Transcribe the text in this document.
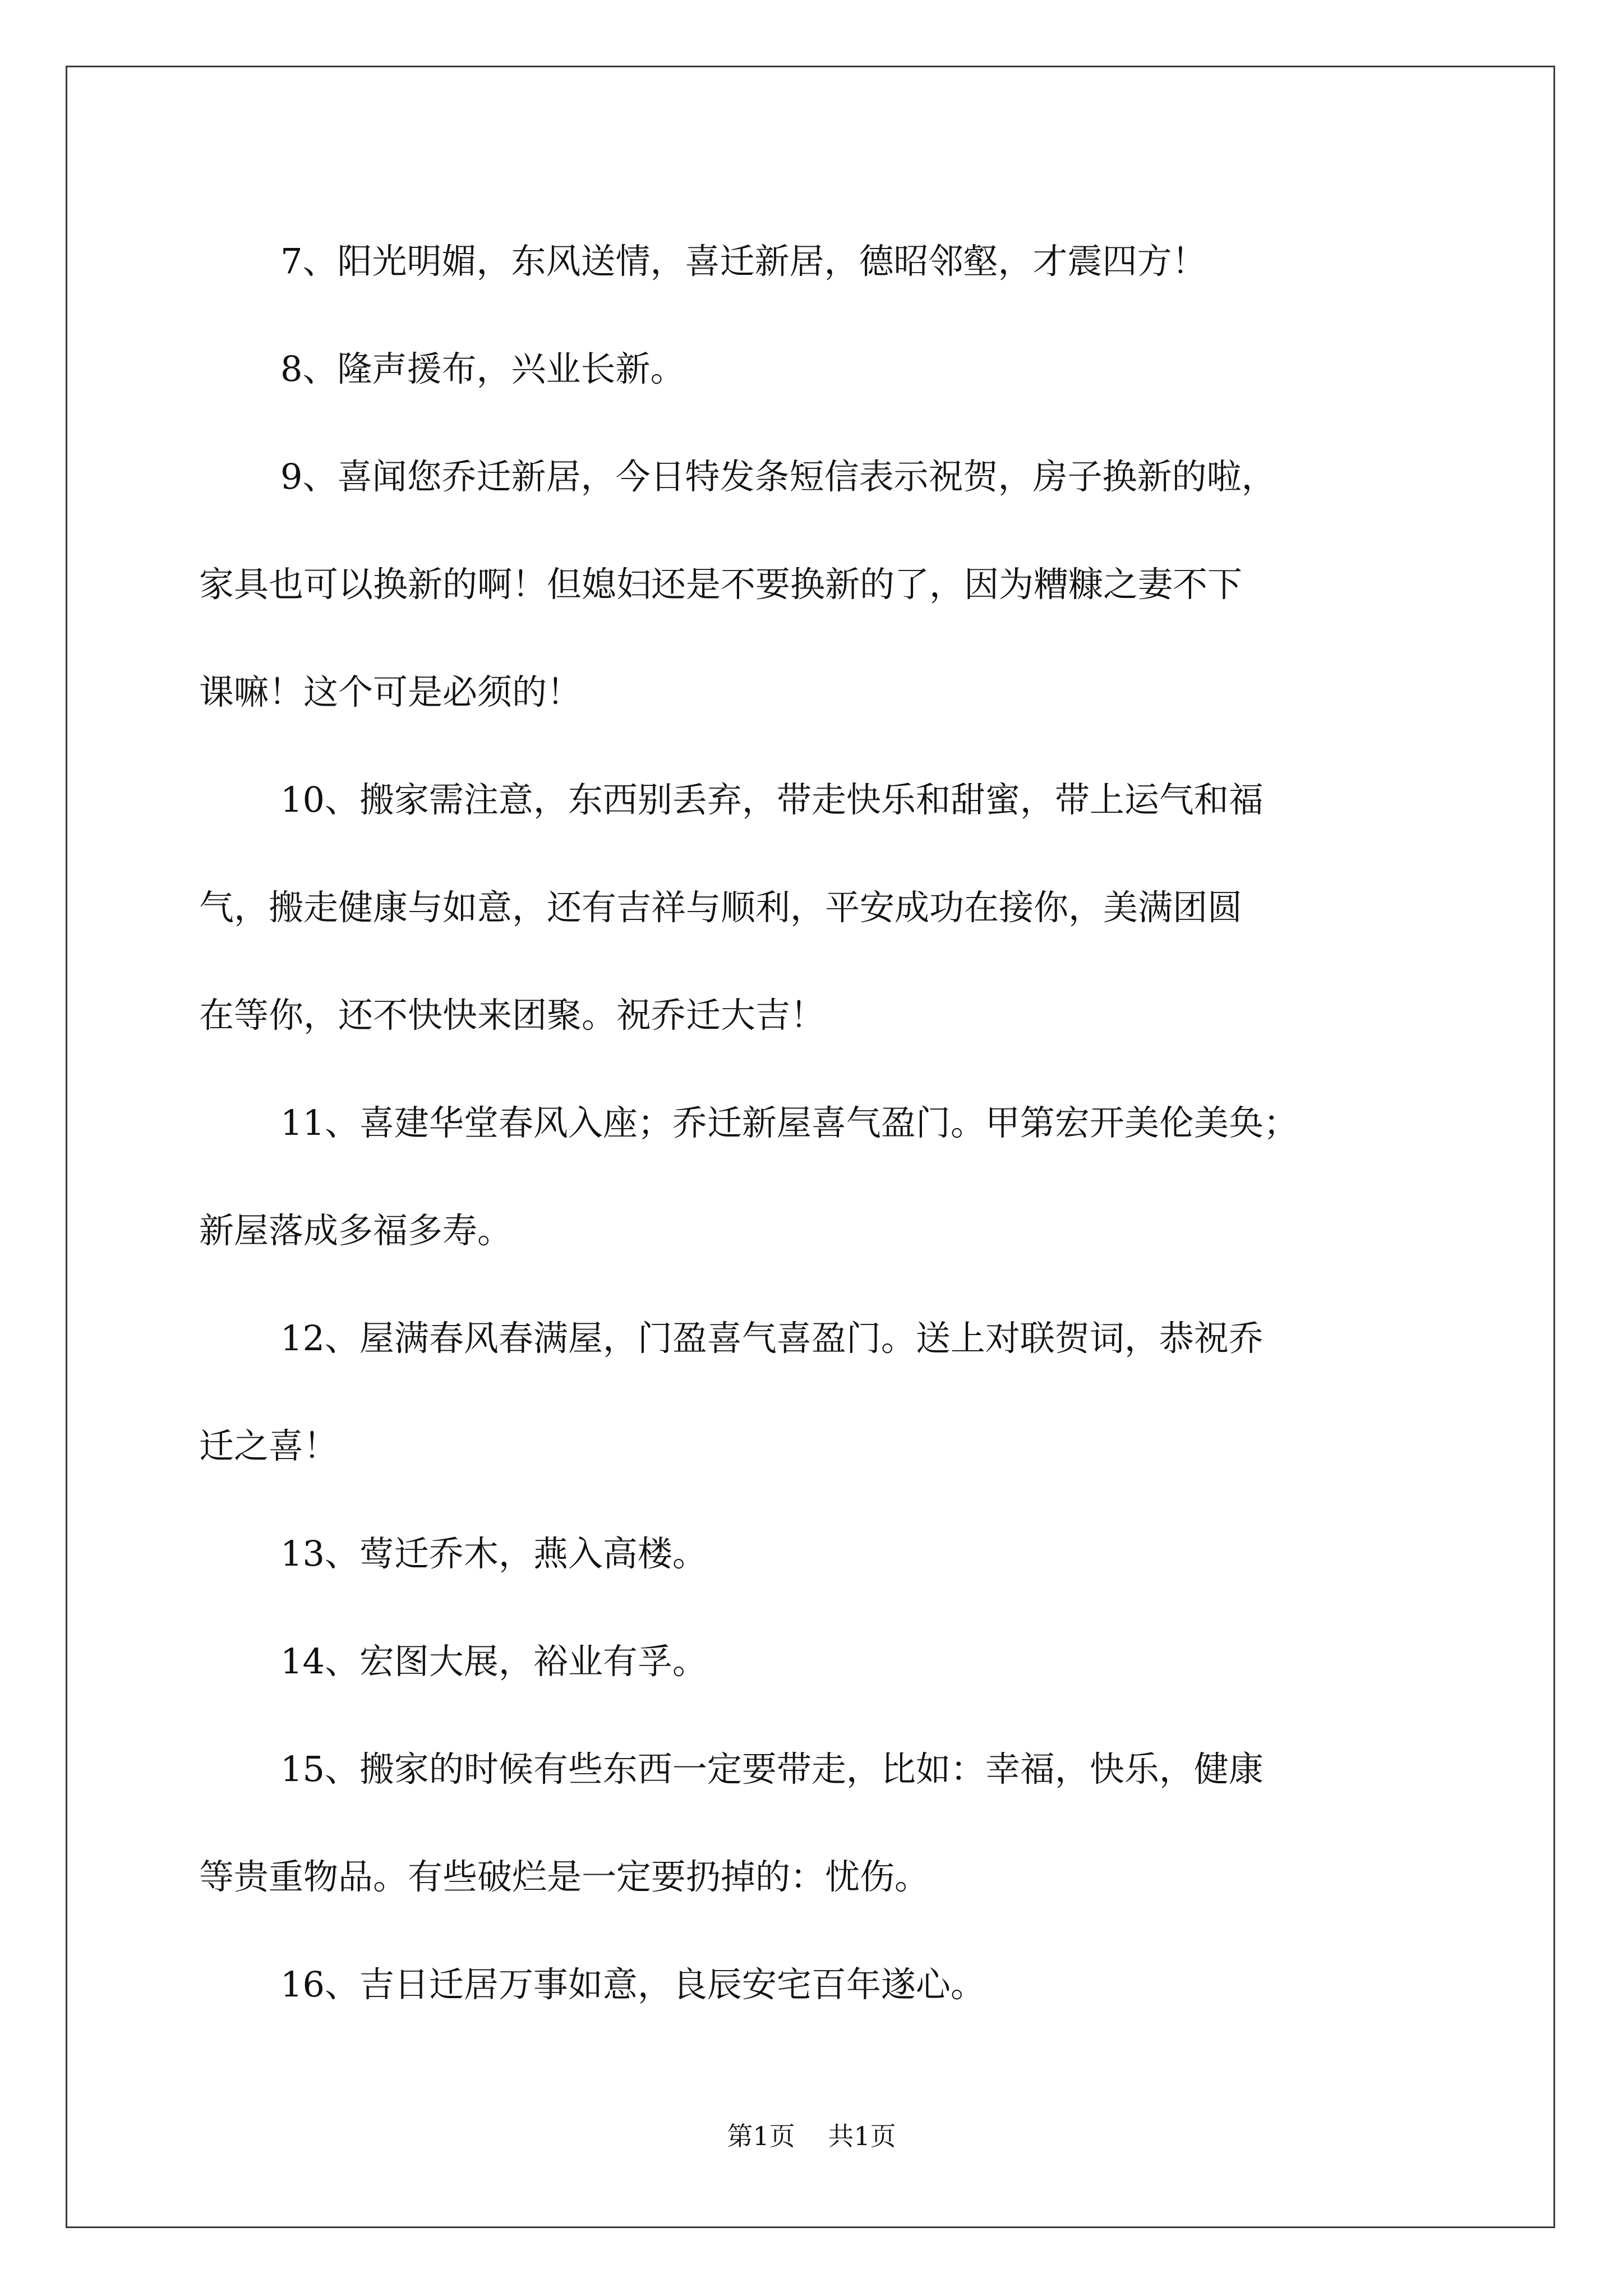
7、阳光明媚，东风送情，喜迁新居，德昭邻壑，才震四方！
8、隆声援布，兴业长新。
9、喜闻您乔迁新居，今日特发条短信表示祝贺，房子换新的啦，
家具也可以换新的啊！但媳妇还是不要换新的了，因为糟糠之妻不下
课嘛！这个可是必须的！
10、搬家需注意，东西别丢弃，带走快乐和甜蜜，带上运气和福
气，搬走健康与如意，还有吉祥与顺利，平安成功在接你，美满团圆
在等你，还不快快来团聚。祝乔迁大吉！
11、喜建华堂春风入座；乔迁新屋喜气盈门。甲第宏开美伦美奂；
新屋落成多福多寿。
12、屋满春风春满屋，门盈喜气喜盈门。送上对联贺词，恭祝乔
迁之喜！
13、莺迁乔木，燕入高楼。
14、宏图大展，裕业有孚。
15、搬家的时候有些东西一定要带走，比如：幸福，快乐，健康
等贵重物品。有些破烂是一定要扔掉的：忧伤。
16、吉日迁居万事如意，良辰安宅百年遂心。
第1页 共1页
